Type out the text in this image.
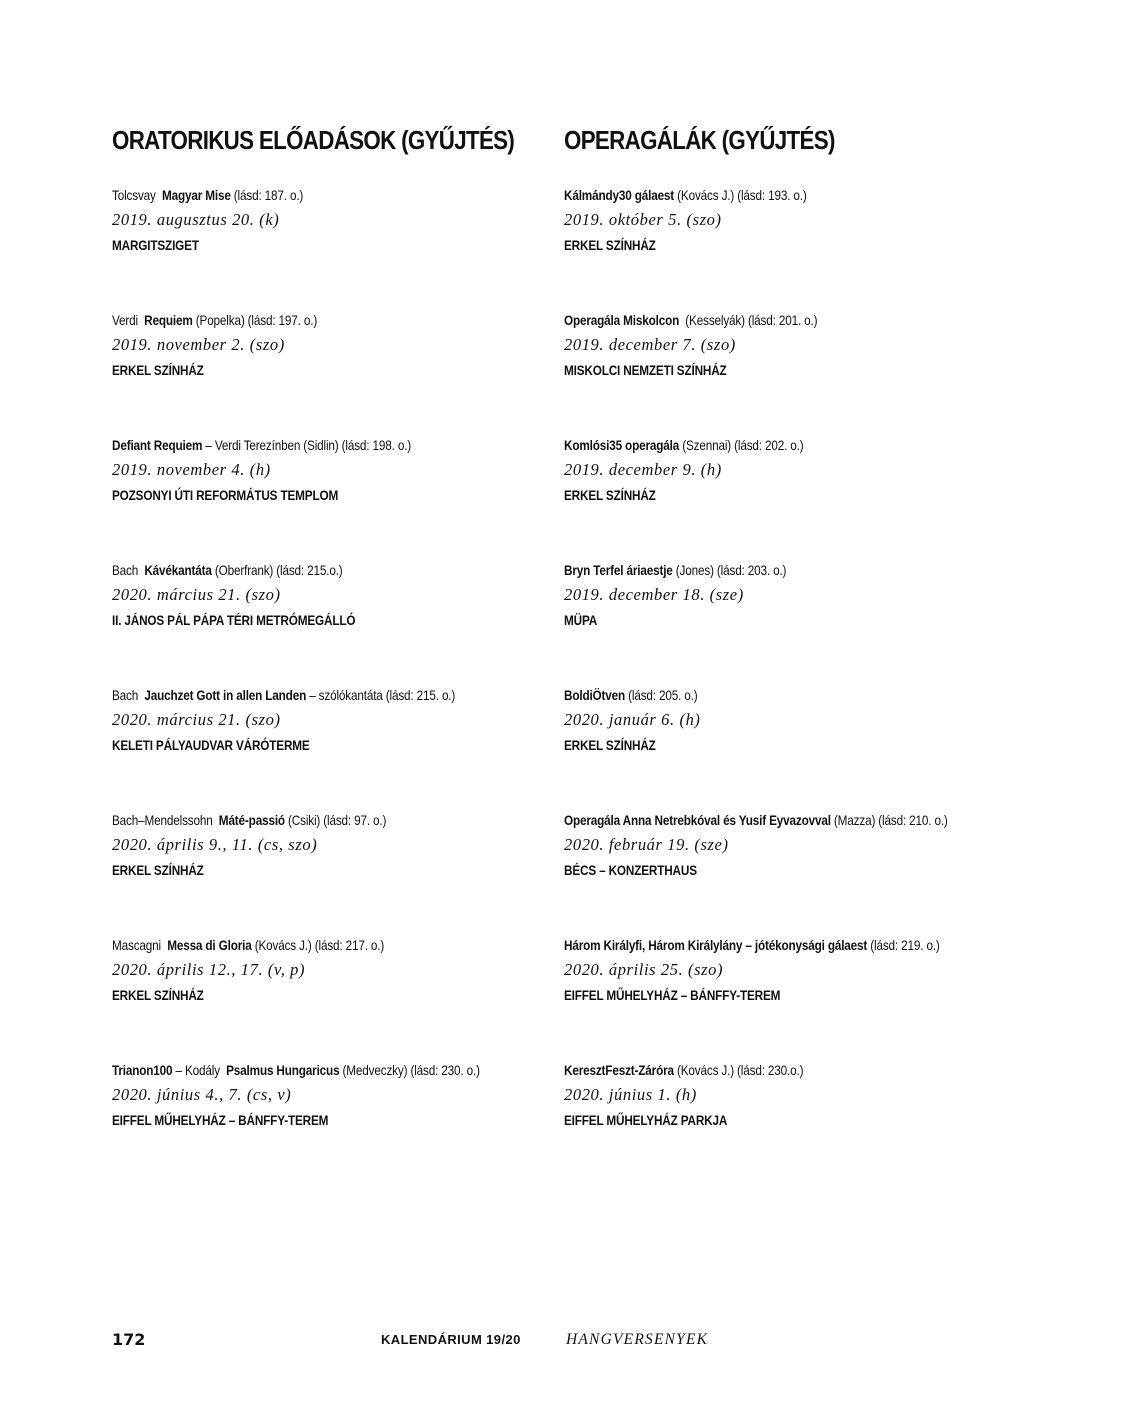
ORATORIKUS ELŐADÁSOK (GYŰJTÉS)
Tolcsvay  Magyar Mise (lásd: 187. o.)
2019. augusztus 20. (k)
MARGITSZIGET
Verdi  Requiem (Popelka) (lásd: 197. o.)
2019. november 2. (szo)
ERKEL SZÍNHÁZ
Defiant Requiem – Verdi Terezínben (Sidlin) (lásd: 198. o.)
2019. november 4. (h)
POZSONYI ÚTI REFORMÁTUS TEMPLOM
Bach  Kávékantáta (Oberfrank) (lásd: 215.o.)
2020. március 21. (szo)
II. JÁNOS PÁL PÁPA TÉRI METRÓMEGÁLLÓ
Bach  Jauchzet Gott in allen Landen – szólókantáta (lásd: 215. o.)
2020. március 21. (szo)
KELETI PÁLYAUDVAR VÁRÓTERME
Bach–Mendelssohn  Máté-passió (Csiki) (lásd: 97. o.)
2020. április 9., 11. (cs, szo)
ERKEL SZÍNHÁZ
Mascagni  Messa di Gloria (Kovács J.) (lásd: 217. o.)
2020. április 12., 17. (v, p)
ERKEL SZÍNHÁZ
Trianon100 – Kodály  Psalmus Hungaricus (Medveczky) (lásd: 230. o.)
2020. június 4., 7. (cs, v)
EIFFEL MŰHELYHÁZ – BÁNFFY-TEREM
OPERAGÁLÁK (GYŰJTÉS)
Kálmándy30 gálaest (Kovács J.) (lásd: 193. o.)
2019. október 5. (szo)
ERKEL SZÍNHÁZ
Operagála Miskolcon  (Kesselyák) (lásd: 201. o.)
2019. december 7. (szo)
MISKOLCI NEMZETI SZÍNHÁZ
Komlósi35 operagála (Szennai) (lásd: 202. o.)
2019. december 9. (h)
ERKEL SZÍNHÁZ
Bryn Terfel áriaestje (Jones) (lásd: 203. o.)
2019. december 18. (sze)
MÜPA
BoldiÖtven (lásd: 205. o.)
2020. január 6. (h)
ERKEL SZÍNHÁZ
Operagála Anna Netrebkóval és Yusif Eyvazovval (Mazza) (lásd: 210. o.)
2020. február 19. (sze)
BÉCS – KONZERTHAUS
Három Királyfi, Három Királylány – jótékonysági gálaest (lásd: 219. o.)
2020. április 25. (szo)
EIFFEL MŰHELYHÁZ – BÁNFFY-TEREM
KeresztFeszt-Záróra (Kovács J.) (lásd: 230.o.)
2020. június 1. (h)
EIFFEL MŰHELYHÁZ PARKJA
172	KALENDÁRIUM 19/20	HANGVERSENYEK
